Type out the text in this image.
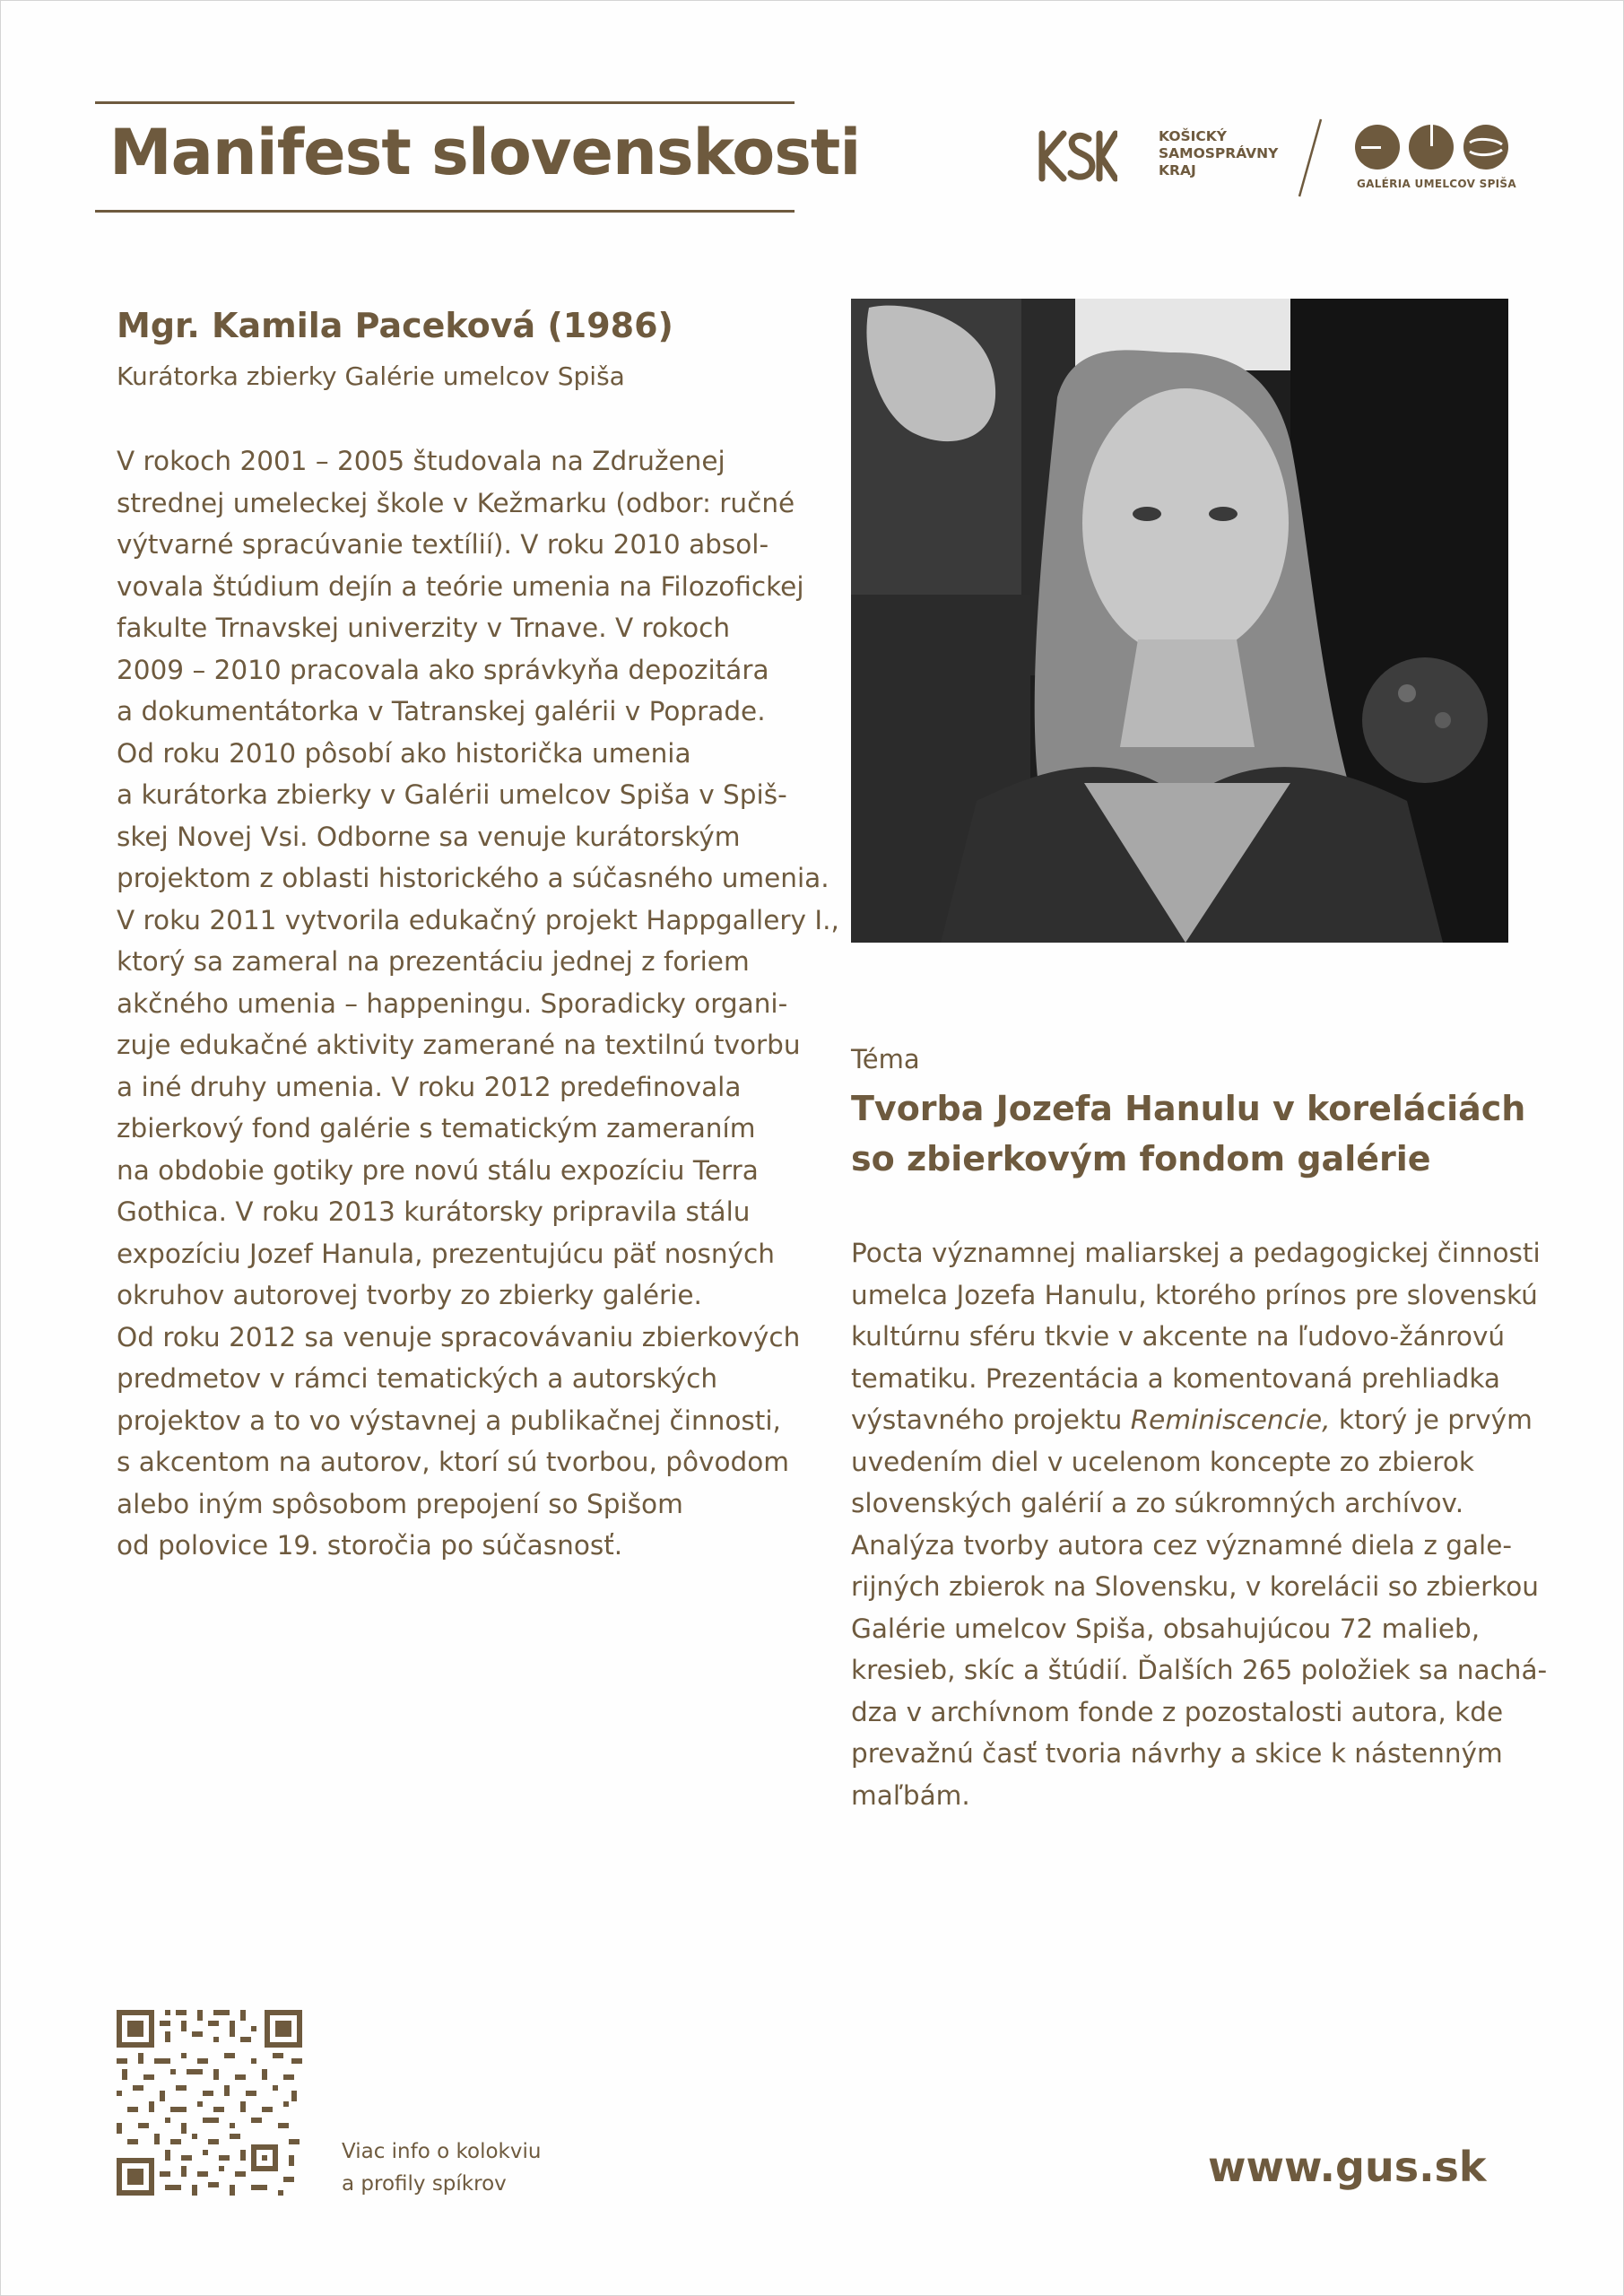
Manifest slovenskosti	KOŠICKÝ
SAMOSPRÁVNY
KRAJ
GALÉRIA UMELCOV SPIŠA
Mgr. Kamila Paceková (1986)
Kurátorka zbierky Galérie umelcov Spiša
V rokoch 2001 – 2005 študovala na Združenej
strednej umeleckej škole v Kežmarku (odbor: ručné
výtvarné spracúvanie textílií). V roku 2010 absol-
vovala štúdium dejín a teórie umenia na Filozofickej
fakulte Trnavskej univerzity v Trnave. V rokoch
2009 – 2010 pracovala ako správkyňa depozitára
a dokumentátorka v Tatranskej galérii v Poprade.
Od roku 2010 pôsobí ako historička umenia
a kurátorka zbierky v Galérii umelcov Spiša v Spiš-
skej Novej Vsi. Odborne sa venuje kurátorským
projektom z oblasti historického a súčasného umenia.
V roku 2011 vytvorila edukačný projekt Happgallery I.,
ktorý sa zameral na prezentáciu jednej z foriem
akčného umenia – happeningu. Sporadicky organi-
zuje edukačné aktivity zamerané na textilnú tvorbu
a iné druhy umenia. V roku 2012 predefinovala
zbierkový fond galérie s tematickým zameraním
na obdobie gotiky pre novú stálu expozíciu Terra
Gothica. V roku 2013 kurátorsky pripravila stálu
expozíciu Jozef Hanula, prezentujúcu päť nosných
okruhov autorovej tvorby zo zbierky galérie.
Od roku 2012 sa venuje spracovávaniu zbierkových
predmetov v rámci tematických a autorských
projektov a to vo výstavnej a publikačnej činnosti,
s akcentom na autorov, ktorí sú tvorbou, pôvodom
alebo iným spôsobom prepojení so Spišom
od polovice 19. storočia po súčasnosť.
Téma
Tvorba Jozefa Hanulu v koreláciách
so zbierkovým fondom galérie
Pocta významnej maliarskej a pedagogickej činnosti
umelca Jozefa Hanulu, ktorého prínos pre slovenskú
kultúrnu sféru tkvie v akcente na ľudovo-žánrovú
tematiku. Prezentácia a komentovaná prehliadka
výstavného projektu Reminiscencie, ktorý je prvým
uvedením diel v ucelenom koncepte zo zbierok
slovenských galérií a zo súkromných archívov.
Analýza tvorby autora cez významné diela z gale-
rijných zbierok na Slovensku, v korelácii so zbierkou
Galérie umelcov Spiša, obsahujúcou 72 malieb,
kresieb, skíc a štúdií. Ďalších 265 položiek sa nachá-
dza v archívnom fonde z pozostalosti autora, kde
prevažnú časť tvoria návrhy a skice k nástenným
maľbám.
Viac info o kolokviu
a profily spíkrov	www.gus.sk
